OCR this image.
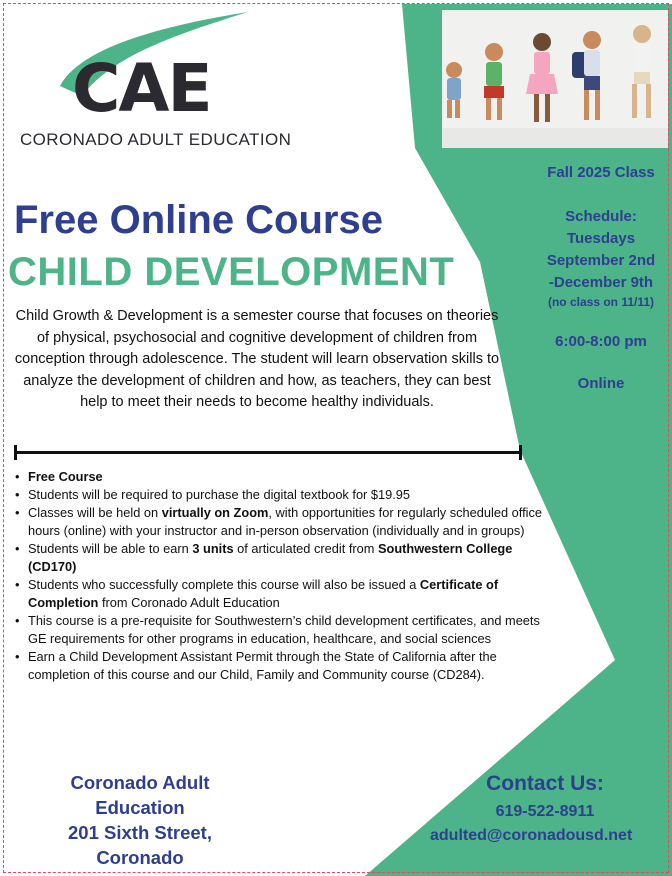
CAE
CORONADO ADULT EDUCATION
Free Online Course
CHILD DEVELOPMENT

Child Growth & Development is a semester course that focuses on theories of physical, psychosocial and cognitive development of children from conception through adolescence. The student will learn observation skills to analyze the development of children and how, as teachers, they can best help to meet their needs to become healthy individuals.

• Free Course
• Students will be required to purchase the digital textbook for $19.95
• Classes will be held on virtually on Zoom, with opportunities for regularly scheduled office hours (online) with your instructor and in-person observation (individually and in groups)
• Students will be able to earn 3 units of articulated credit from Southwestern College (CD170)
• Students who successfully complete this course will also be issued a Certificate of Completion from Coronado Adult Education
• This course is a pre-requisite for Southwestern’s child development certificates, and meets GE requirements for other programs in education, healthcare, and social sciences
• Earn a Child Development Assistant Permit through the State of California after the completion of this course and our Child, Family and Community course (CD284).
Fall 2025 Class
Schedule:
Tuesdays
September 2nd
-December 9th
(no class on 11/11)
6:00-8:00 pm
Online
Coronado Adult
Education
201 Sixth Street,
Coronado
Contact Us:
619-522-8911
adulted@coronadousd.net
